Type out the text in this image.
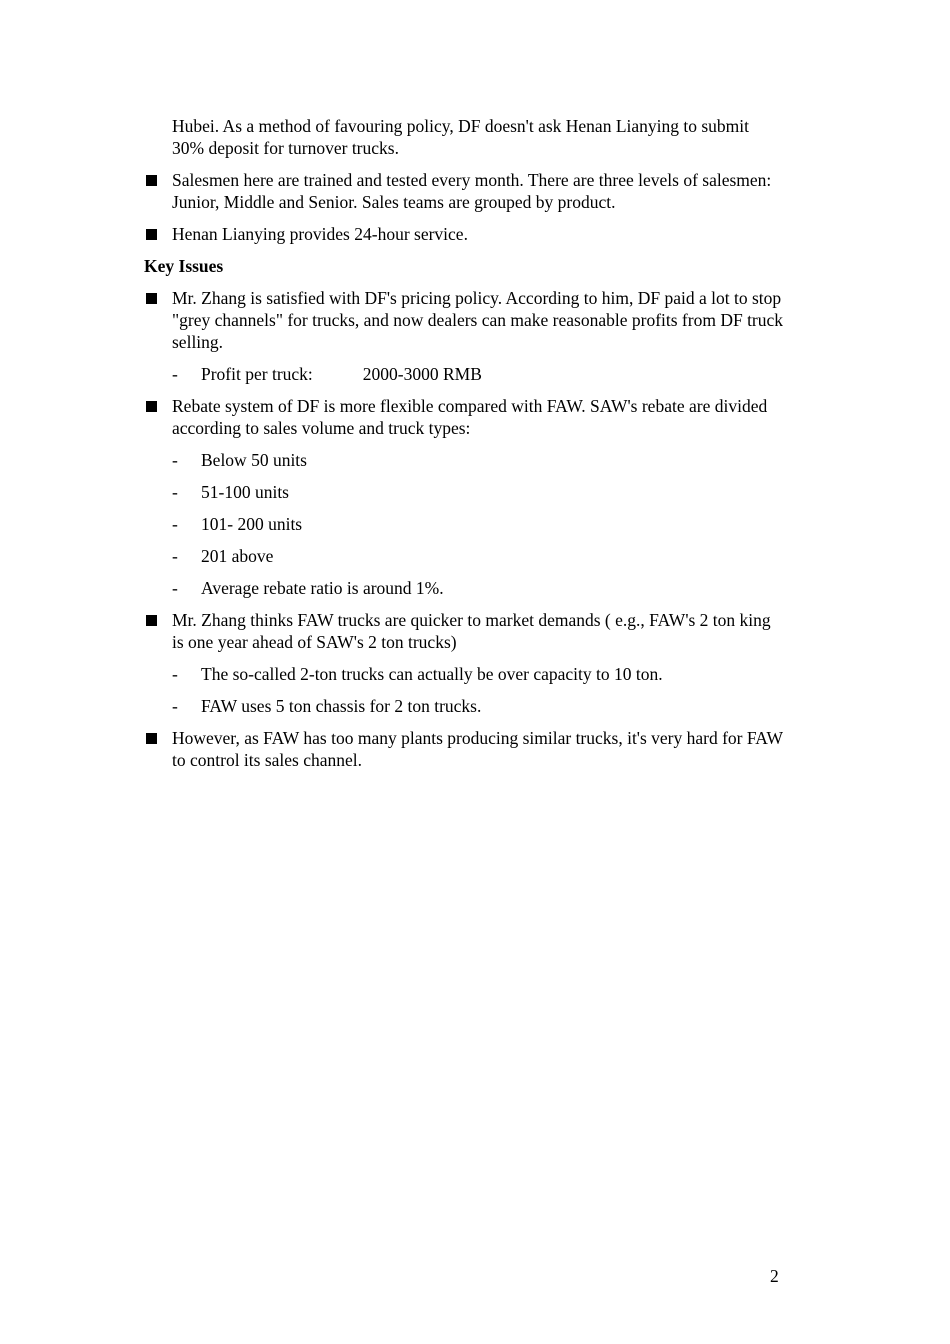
Hubei. As a method of favouring policy, DF doesn't ask Henan Lianying to submit 30% deposit for turnover trucks.
Salesmen here are trained and tested every month. There are three levels of salesmen: Junior, Middle and Senior. Sales teams are grouped by product.
Henan Lianying provides 24-hour service.
Key Issues
Mr. Zhang is satisfied with DF's pricing policy. According to him, DF paid a lot to stop "grey channels" for trucks, and now dealers can make reasonable profits from DF truck selling.
- Profit per truck:	2000-3000 RMB
Rebate system of DF is more flexible compared with FAW. SAW's rebate are divided according to sales volume and truck types:
- Below 50 units
- 51-100 units
- 101- 200 units
- 201 above
- Average rebate ratio is around 1%.
Mr. Zhang thinks FAW trucks are quicker to market demands ( e.g., FAW's 2 ton king is one year ahead of SAW's 2 ton trucks)
- The so-called 2-ton trucks can actually be over capacity to 10 ton.
- FAW uses 5 ton chassis for 2 ton trucks.
However, as FAW has too many plants producing similar trucks, it's very hard for FAW to control its sales channel.
2
